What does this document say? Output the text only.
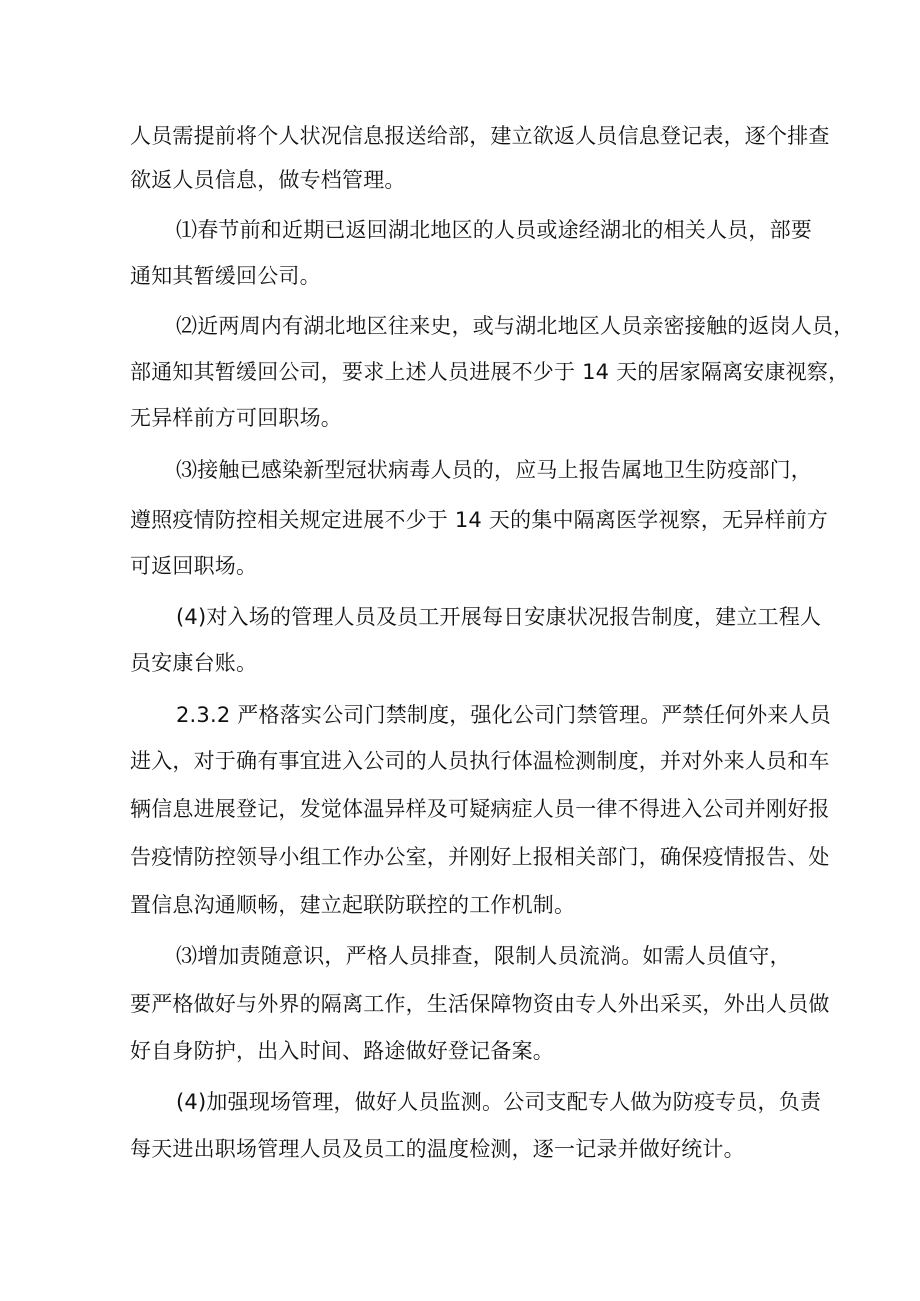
人员需提前将个人状况信息报送给部，建立欲返人员信息登记表，逐个排查
欲返人员信息，做专档管理。
⑴春节前和近期已返回湖北地区的人员或途经湖北的相关人员，部要
通知其暂缓回公司。
⑵近两周内有湖北地区往来史，或与湖北地区人员亲密接触的返岗人员，
部通知其暂缓回公司，要求上述人员进展不少于 14 天的居家隔离安康视察，
无异样前方可回职场。
⑶接触已感染新型冠状病毒人员的，应马上报告属地卫生防疫部门，
遵照疫情防控相关规定进展不少于 14 天的集中隔离医学视察，无异样前方
可返回职场。
(4)对入场的管理人员及员工开展每日安康状况报告制度，建立工程人
员安康台账。
2.3.2 严格落实公司门禁制度，强化公司门禁管理。严禁任何外来人员
进入，对于确有事宜进入公司的人员执行体温检测制度，并对外来人员和车
辆信息进展登记，发觉体温异样及可疑病症人员一律不得进入公司并刚好报
告疫情防控领导小组工作办公室，并刚好上报相关部门，确保疫情报告、处
置信息沟通顺畅，建立起联防联控的工作机制。
⑶增加责随意识，严格人员排查，限制人员流淌。如需人员值守，
要严格做好与外界的隔离工作，生活保障物资由专人外出采买，外出人员做
好自身防护，出入时间、路途做好登记备案。
(4)加强现场管理，做好人员监测。公司支配专人做为防疫专员，负责
每天进出职场管理人员及员工的温度检测，逐一记录并做好统计。
